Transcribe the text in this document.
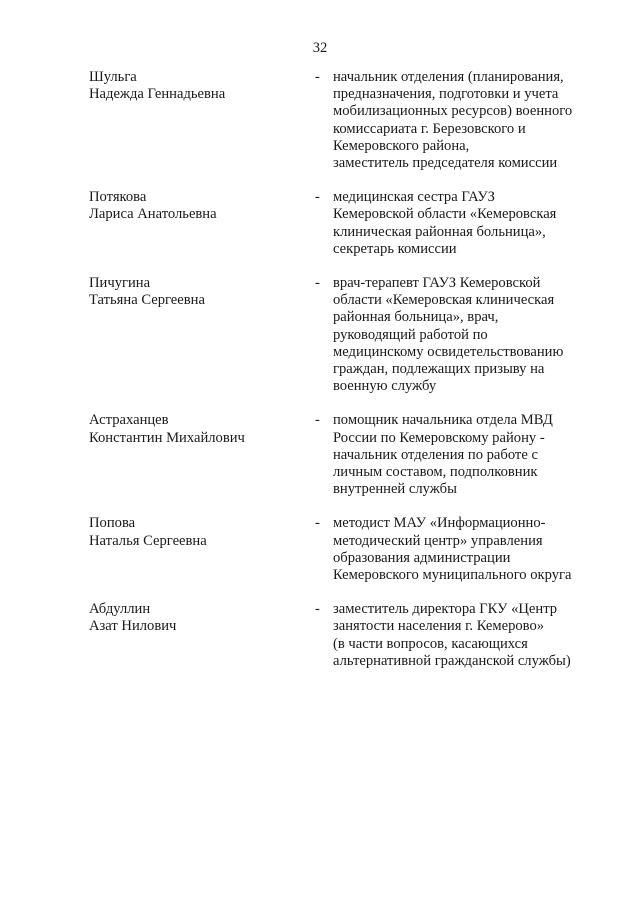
32
Шульга
Надежда Геннадьевна
- начальник отделения (планирования,
предназначения, подготовки и учета
мобилизационных ресурсов) военного
комиссариата г. Березовского и
Кемеровского района,
заместитель председателя комиссии
Потякова
Лариса Анатольевна
- медицинская сестра ГАУЗ
Кемеровской области «Кемеровская
клиническая районная больница»,
секретарь комиссии
Пичугина
Татьяна Сергеевна
- врач-терапевт ГАУЗ Кемеровской
области «Кемеровская клиническая
районная больница», врач,
руководящий работой по
медицинскому освидетельствованию
граждан, подлежащих призыву на
военную службу
Астраханцев
Константин Михайлович
- помощник начальника отдела МВД
России по Кемеровскому району -
начальник отделения по работе с
личным составом, подполковник
внутренней службы
Попова
Наталья Сергеевна
- методист МАУ «Информационно-
методический центр» управления
образования администрации
Кемеровского муниципального округа
Абдуллин
Азат Нилович
- заместитель директора ГКУ «Центр
занятости населения г. Кемерово»
(в части вопросов, касающихся
альтернативной гражданской службы)
